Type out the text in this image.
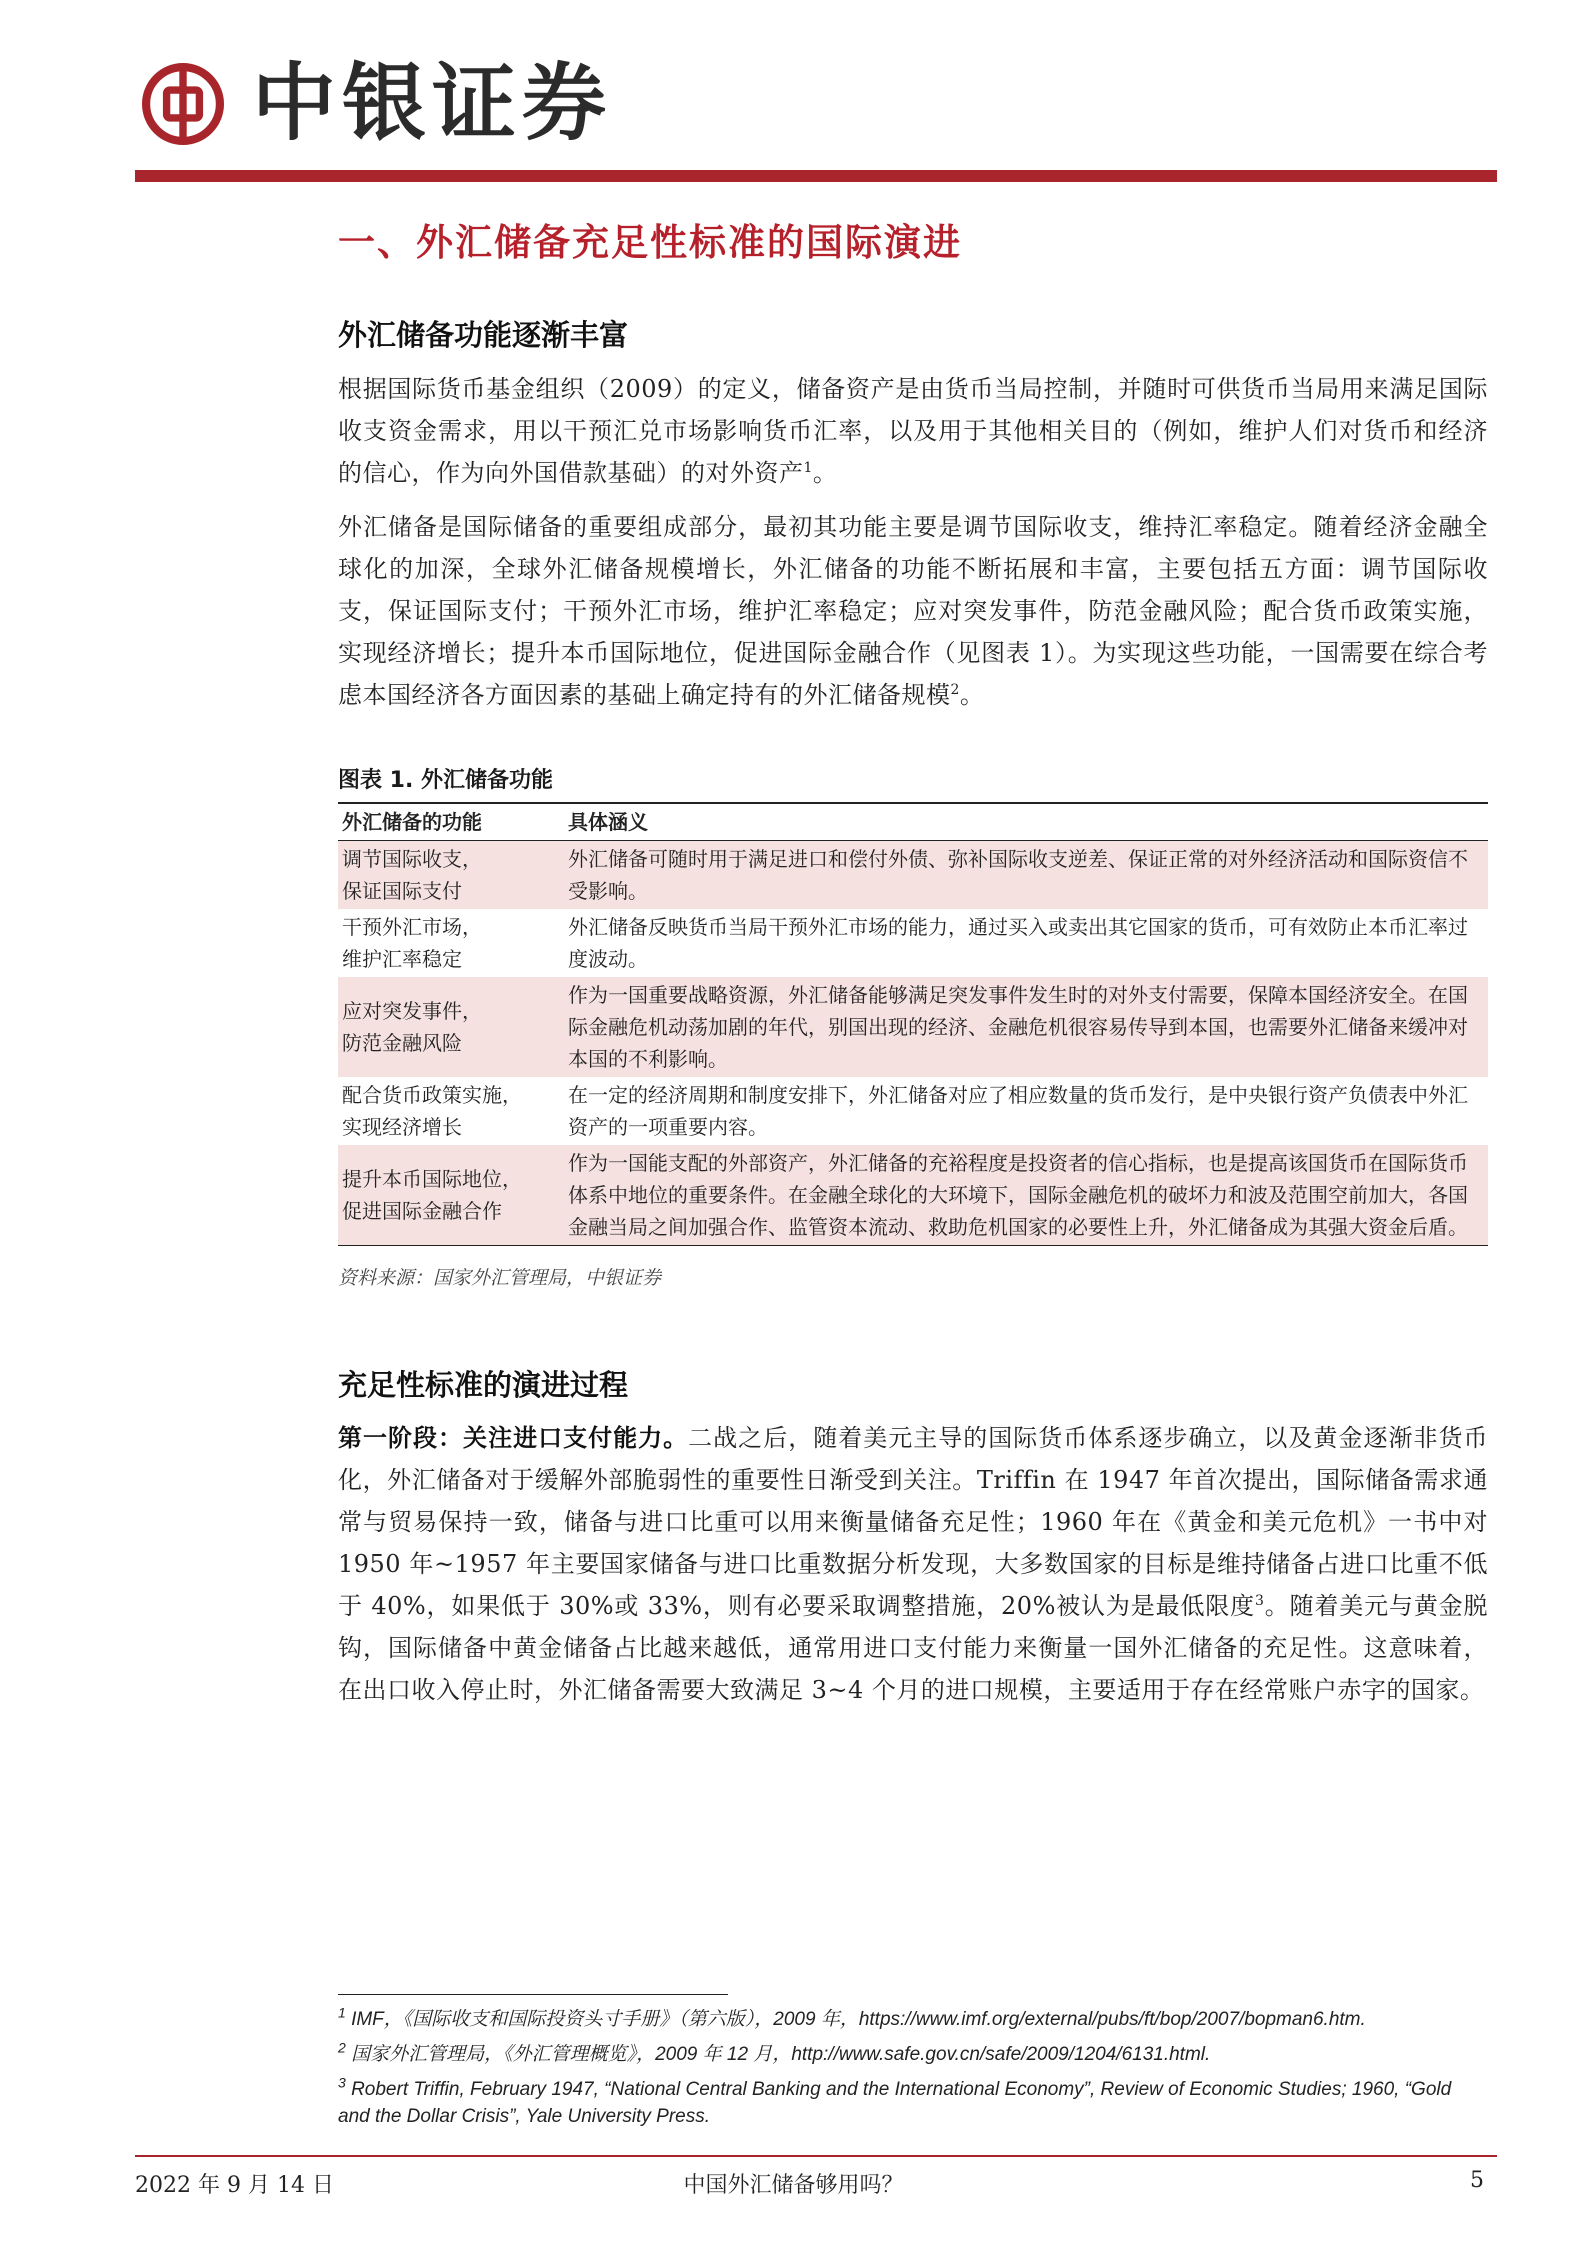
中银证券
一、外汇储备充足性标准的国际演进
外汇储备功能逐渐丰富
根据国际货币基金组织（2009）的定义，储备资产是由货币当局控制，并随时可供货币当局用来满足国际收支资金需求，用以干预汇兑市场影响货币汇率，以及用于其他相关目的（例如，维护人们对货币和经济的信心，作为向外国借款基础）的对外资产$^1$。
外汇储备是国际储备的重要组成部分，最初其功能主要是调节国际收支，维持汇率稳定。随着经济金融全球化的加深，全球外汇储备规模增长，外汇储备的功能不断拓展和丰富，主要包括五方面：调节国际收支，保证国际支付；干预外汇市场，维护汇率稳定；应对突发事件，防范金融风险；配合货币政策实施，实现经济增长；提升本币国际地位，促进国际金融合作（见图表 1）。为实现这些功能，一国需要在综合考虑本国经济各方面因素的基础上确定持有的外汇储备规模$^2$。
图表 1. 外汇储备功能
外汇储备的功能	具体涵义
调节国际收支，
保证国际支付	外汇储备可随时用于满足进口和偿付外债、弥补国际收支逆差、保证正常的对外经济活动和国际资信不受影响。
干预外汇市场，
维护汇率稳定	外汇储备反映货币当局干预外汇市场的能力，通过买入或卖出其它国家的货币，可有效防止本币汇率过度波动。
应对突发事件，
防范金融风险	作为一国重要战略资源，外汇储备能够满足突发事件发生时的对外支付需要，保障本国经济安全。在国际金融危机动荡加剧的年代，别国出现的经济、金融危机很容易传导到本国，也需要外汇储备来缓冲对本国的不利影响。
配合货币政策实施，
实现经济增长	在一定的经济周期和制度安排下，外汇储备对应了相应数量的货币发行，是中央银行资产负债表中外汇资产的一项重要内容。
提升本币国际地位，
促进国际金融合作	作为一国能支配的外部资产，外汇储备的充裕程度是投资者的信心指标，也是提高该国货币在国际货币体系中地位的重要条件。在金融全球化的大环境下，国际金融危机的破坏力和波及范围空前加大，各国金融当局之间加强合作、监管资本流动、救助危机国家的必要性上升，外汇储备成为其强大资金后盾。
资料来源：国家外汇管理局，中银证券
充足性标准的演进过程
第一阶段：关注进口支付能力。二战之后，随着美元主导的国际货币体系逐步确立，以及黄金逐渐非货币化，外汇储备对于缓解外部脆弱性的重要性日渐受到关注。Triffin 在 1947 年首次提出，国际储备需求通常与贸易保持一致，储备与进口比重可以用来衡量储备充足性；1960 年在《黄金和美元危机》一书中对 1950 年~1957 年主要国家储备与进口比重数据分析发现，大多数国家的目标是维持储备占进口比重不低于 40%，如果低于 30%或 33%，则有必要采取调整措施，20%被认为是最低限度$^3$。随着美元与黄金脱钩，国际储备中黄金储备占比越来越低，通常用进口支付能力来衡量一国外汇储备的充足性。这意味着，在出口收入停止时，外汇储备需要大致满足 3~4 个月的进口规模，主要适用于存在经常账户赤字的国家。
$^1$ IMF，《国际收支和国际投资头寸手册》（第六版），2009 年，https://www.imf.org/external/pubs/ft/bop/2007/bopman6.htm.
$^2$ 国家外汇管理局，《外汇管理概览》，2009 年 12 月，http://www.safe.gov.cn/safe/2009/1204/6131.html.
$^3$ Robert Triffin, February 1947, “National Central Banking and the International Economy”, Review of Economic Studies; 1960, “Gold and the Dollar Crisis”, Yale University Press.
2022 年 9 月 14 日	中国外汇储备够用吗？	5
